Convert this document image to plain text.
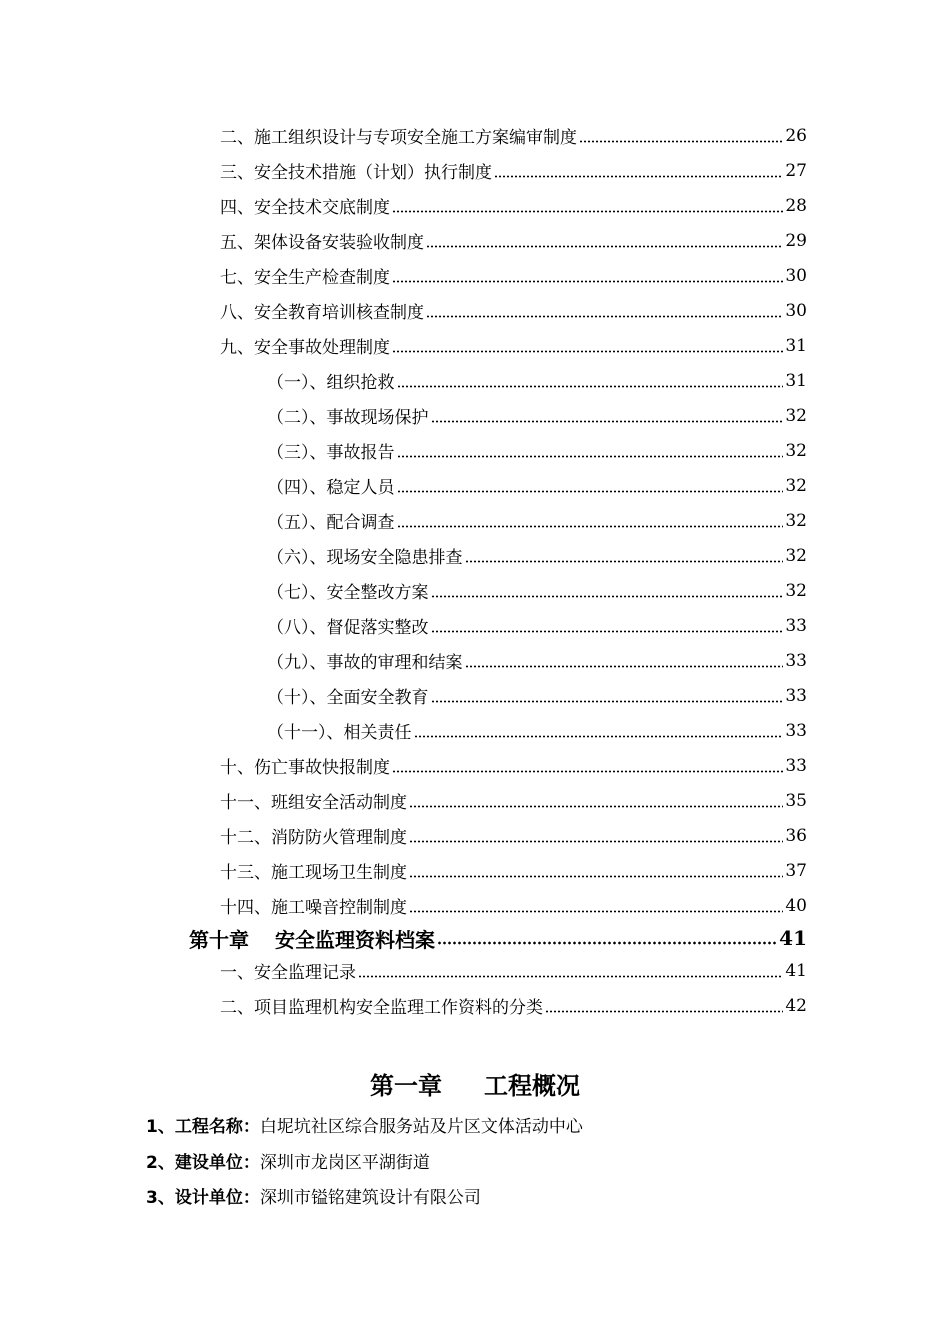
二、施工组织设计与专项安全施工方案编审制度	26
三、安全技术措施（计划）执行制度	27
四、安全技术交底制度	28
五、架体设备安装验收制度	29
七、安全生产检查制度	30
八、安全教育培训核查制度	30
九、安全事故处理制度	31
（一）、组织抢救	31
（二）、事故现场保护	32
（三）、事故报告	32
（四）、稳定人员	32
（五）、配合调查	32
（六）、现场安全隐患排查	32
（七）、安全整改方案	32
（八）、督促落实整改	33
（九）、事故的审理和结案	33
（十）、全面安全教育	33
（十一）、相关责任	33
十、伤亡事故快报制度	33
十一、班组安全活动制度	35
十二、消防防火管理制度	36
十三、施工现场卫生制度	37
十四、施工噪音控制制度	40
第十章 安全监理资料档案	41
一、安全监理记录	41
二、项目监理机构安全监理工作资料的分类	42
第一章 工程概况
1、工程名称：白坭坑社区综合服务站及片区文体活动中心
2、建设单位：深圳市龙岗区平湖街道
3、设计单位：深圳市镒铭建筑设计有限公司
